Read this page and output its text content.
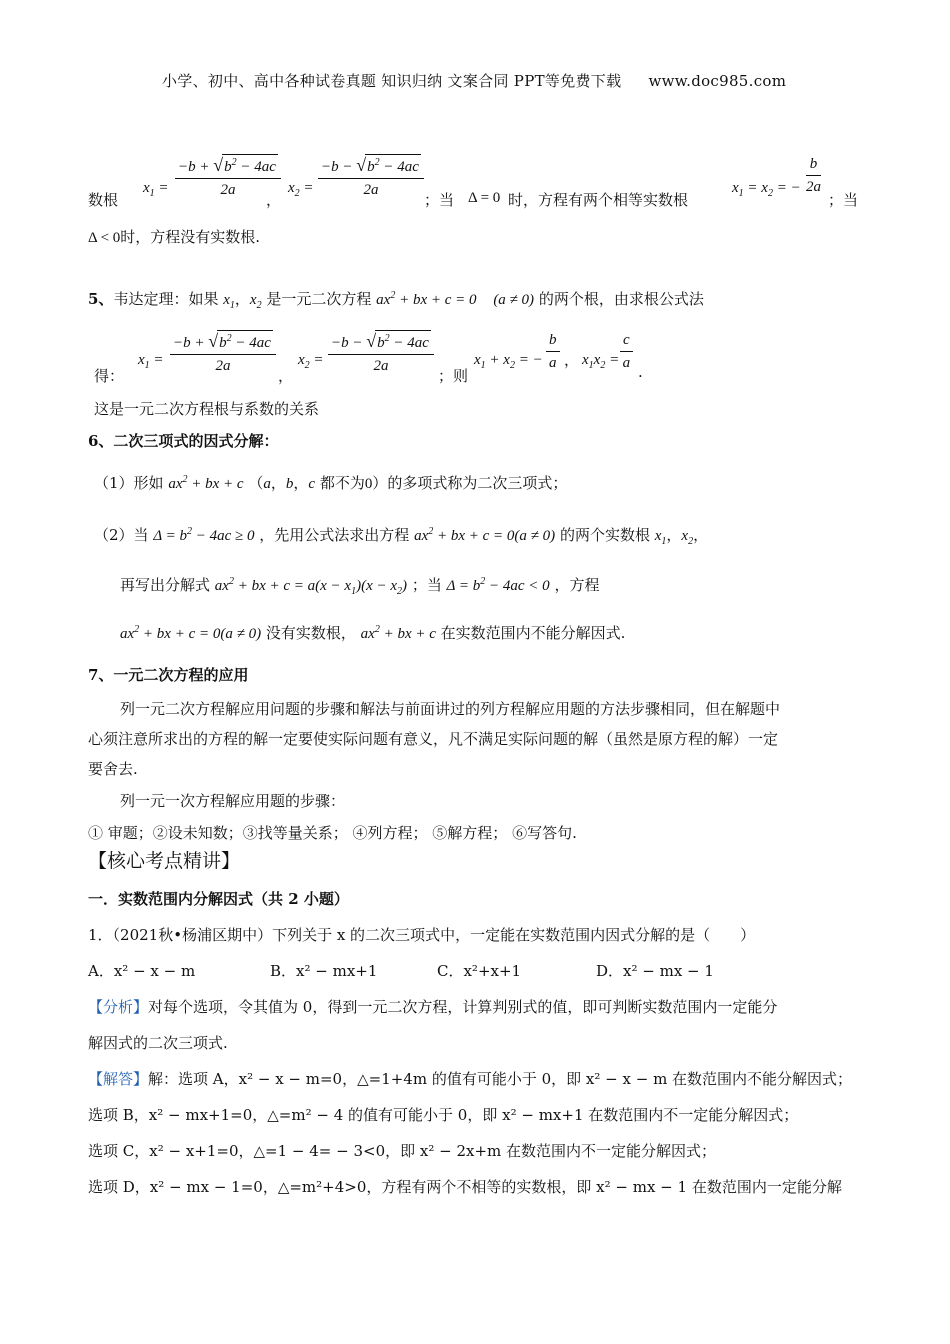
小学、初中、高中各种试卷真题 知识归纳 文案合同 PPT等免费下载 www.doc985.com
数根
$x_1 = \frac{-b + √b^2 - 4ac}{2a}$
，
$x_2 = \frac{-b - √b^2 - 4ac}{2a}$ ；当 Δ = 0 时，方程有两个相等实数根
$x_1 = x_2$ = − $\frac{b}{2a}$
；当
Δ < 0时，方程没有实数根.
5、韦达定理：如果 $x_1$，$x_2$ 是一元二次方程 $ax^2$ + bx + c = 0 (a ≠ 0) 的两个根，由求根公式法
得：
$x_1 = \frac{-b + √b^2 - 4ac}{2a}$ ，
$x_2 = \frac{-b - √b^2 - 4ac}{2a}$ ；则
$x_1 + x_2$ = − $\frac{b}{a}$ ， $x_1x_2 = \frac{c}{a}$ .
这是一元二次方程根与系数的关系
6、二次三项式的因式分解：
（1）形如 $ax^2$ + bx + c （a，b，c 都不为0）的多项式称为二次三项式；
（2）当 $\Delta = b^2 - 4ac \ge 0$ ，先用公式法求出方程 $ax^2$ + bx + c = 0(a ≠ 0) 的两个实数根 $x_1$，$x_2$，
再写出分解式 $ax^2$ + bx + $c = a(x - x_1)(x - x_2)$ ；当 $\Delta = b^2 - 4ac < 0$ ，方程
$ax^2$ + bx + c = 0(a ≠ 0) 没有实数根， $ax^2$ + bx + c 在实数范围内不能分解因式.
7、一元二次方程的应用
列一元二次方程解应用问题的步骤和解法与前面讲过的列方程解应用题的方法步骤相同，但在解题中
心须注意所求出的方程的解一定要使实际问题有意义，凡不满足实际问题的解（虽然是原方程的解）一定
要舍去.
列一元一次方程解应用题的步骤：
① 审题；②设未知数；③找等量关系； ④列方程； ⑤解方程； ⑥写答句.
【核心考点精讲】
一．实数范围内分解因式（共 2 小题）
1．（2021秋•杨浦区期中）下列关于 x 的二次三项式中，一定能在实数范围内因式分解的是（　　）
A．x² − x − m	B．x² − mx+1	C．x²+x+1	D．x² − mx − 1
【分析】对每个选项，令其值为 0，得到一元二次方程，计算判别式的值，即可判断实数范围内一定能分
解因式的二次三项式.
【解答】解：选项 A，x² − x − m=0，△=1+4m 的值有可能小于 0，即 x² − x − m 在数范围内不能分解因式；
选项 B，x² − mx+1=0，△=m² − 4 的值有可能小于 0，即 x² − mx+1 在数范围内不一定能分解因式；
选项 C，x² − x+1=0，△=1 − 4= − 3<0，即 x² − 2x+m 在数范围内不一定能分解因式；
选项 D，x² − mx − 1=0，△=m²+4>0，方程有两个不相等的实数根，即 x² − mx − 1 在数范围内一定能分解
